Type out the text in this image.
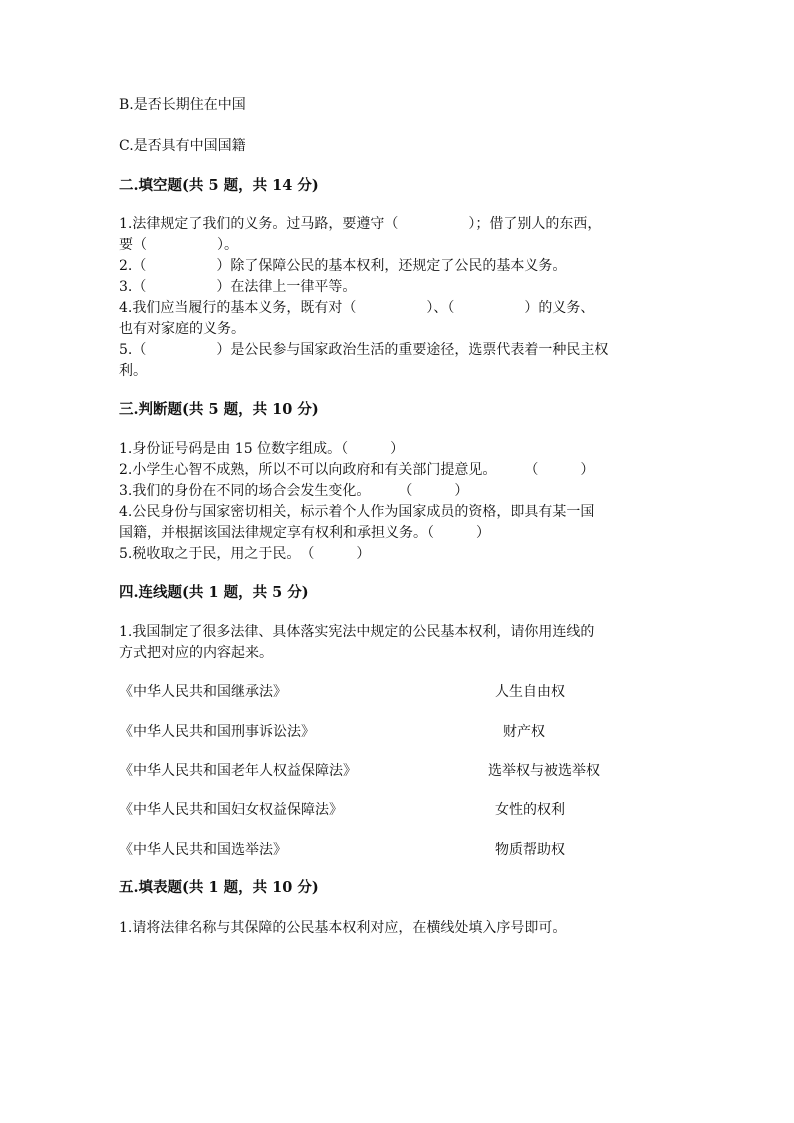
B.是否长期住在中国
C.是否具有中国国籍
二.填空题(共 5 题，共 14 分)
1.法律规定了我们的义务。过马路，要遵守（　　　　　）；借了别人的东西，
要（　　　　　）。
2.（　　　　　）除了保障公民的基本权利，还规定了公民的基本义务。
3.（　　　　　）在法律上一律平等。
4.我们应当履行的基本义务，既有对（　　　　　）、（　　　　　）的义务、
也有对家庭的义务。
5.（　　　　　）是公民参与国家政治生活的重要途径，选票代表着一种民主权
利。
三.判断题(共 5 题，共 10 分)
1.身份证号码是由 15 位数字组成。（　　　）
2.小学生心智不成熟，所以不可以向政府和有关部门提意见。　　　（　　　）
3.我们的身份在不同的场合会发生变化。　　　（　　　）
4.公民身份与国家密切相关，标示着个人作为国家成员的资格，即具有某一国
国籍，并根据该国法律规定享有权利和承担义务。（　　　）
5.税收取之于民，用之于民。　（　　　）
四.连线题(共 1 题，共 5 分)
1.我国制定了很多法律、具体落实宪法中规定的公民基本权利，请你用连线的
方式把对应的内容起来。
《中华人民共和国继承法》	人生自由权
《中华人民共和国刑事诉讼法》	财产权
《中华人民共和国老年人权益保障法》	选举权与被选举权
《中华人民共和国妇女权益保障法》	女性的权利
《中华人民共和国选举法》	物质帮助权
五.填表题(共 1 题，共 10 分)
1.请将法律名称与其保障的公民基本权利对应，在横线处填入序号即可。
